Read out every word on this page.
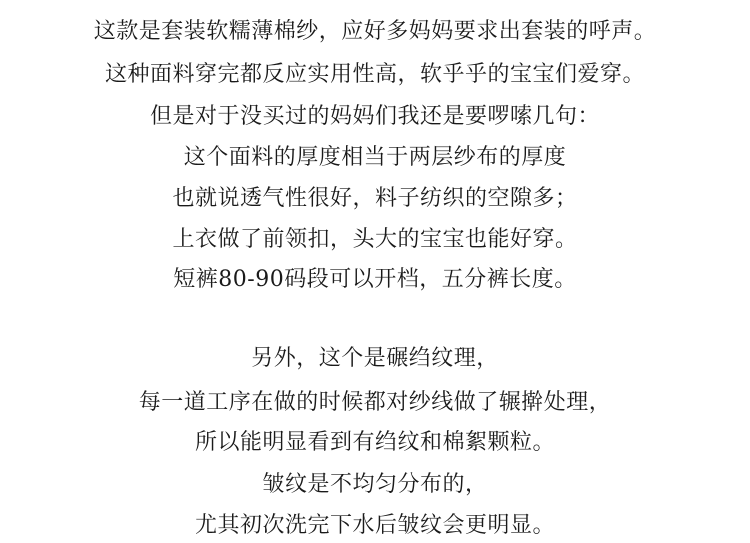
这款是套装软糯薄棉纱，应好多妈妈要求出套装的呼声。
这种面料穿完都反应实用性高，软乎乎的宝宝们爱穿。
但是对于没买过的妈妈们我还是要啰嗦几句：
这个面料的厚度相当于两层纱布的厚度
也就说透气性很好，料子纺织的空隙多；
上衣做了前领扣，头大的宝宝也能好穿。
短裤80-90码段可以开档，五分裤长度。
另外，这个是碾绉纹理，
每一道工序在做的时候都对纱线做了辗擀处理，
所以能明显看到有绉纹和棉絮颗粒。
皱纹是不均匀分布的，
尤其初次洗完下水后皱纹会更明显。
